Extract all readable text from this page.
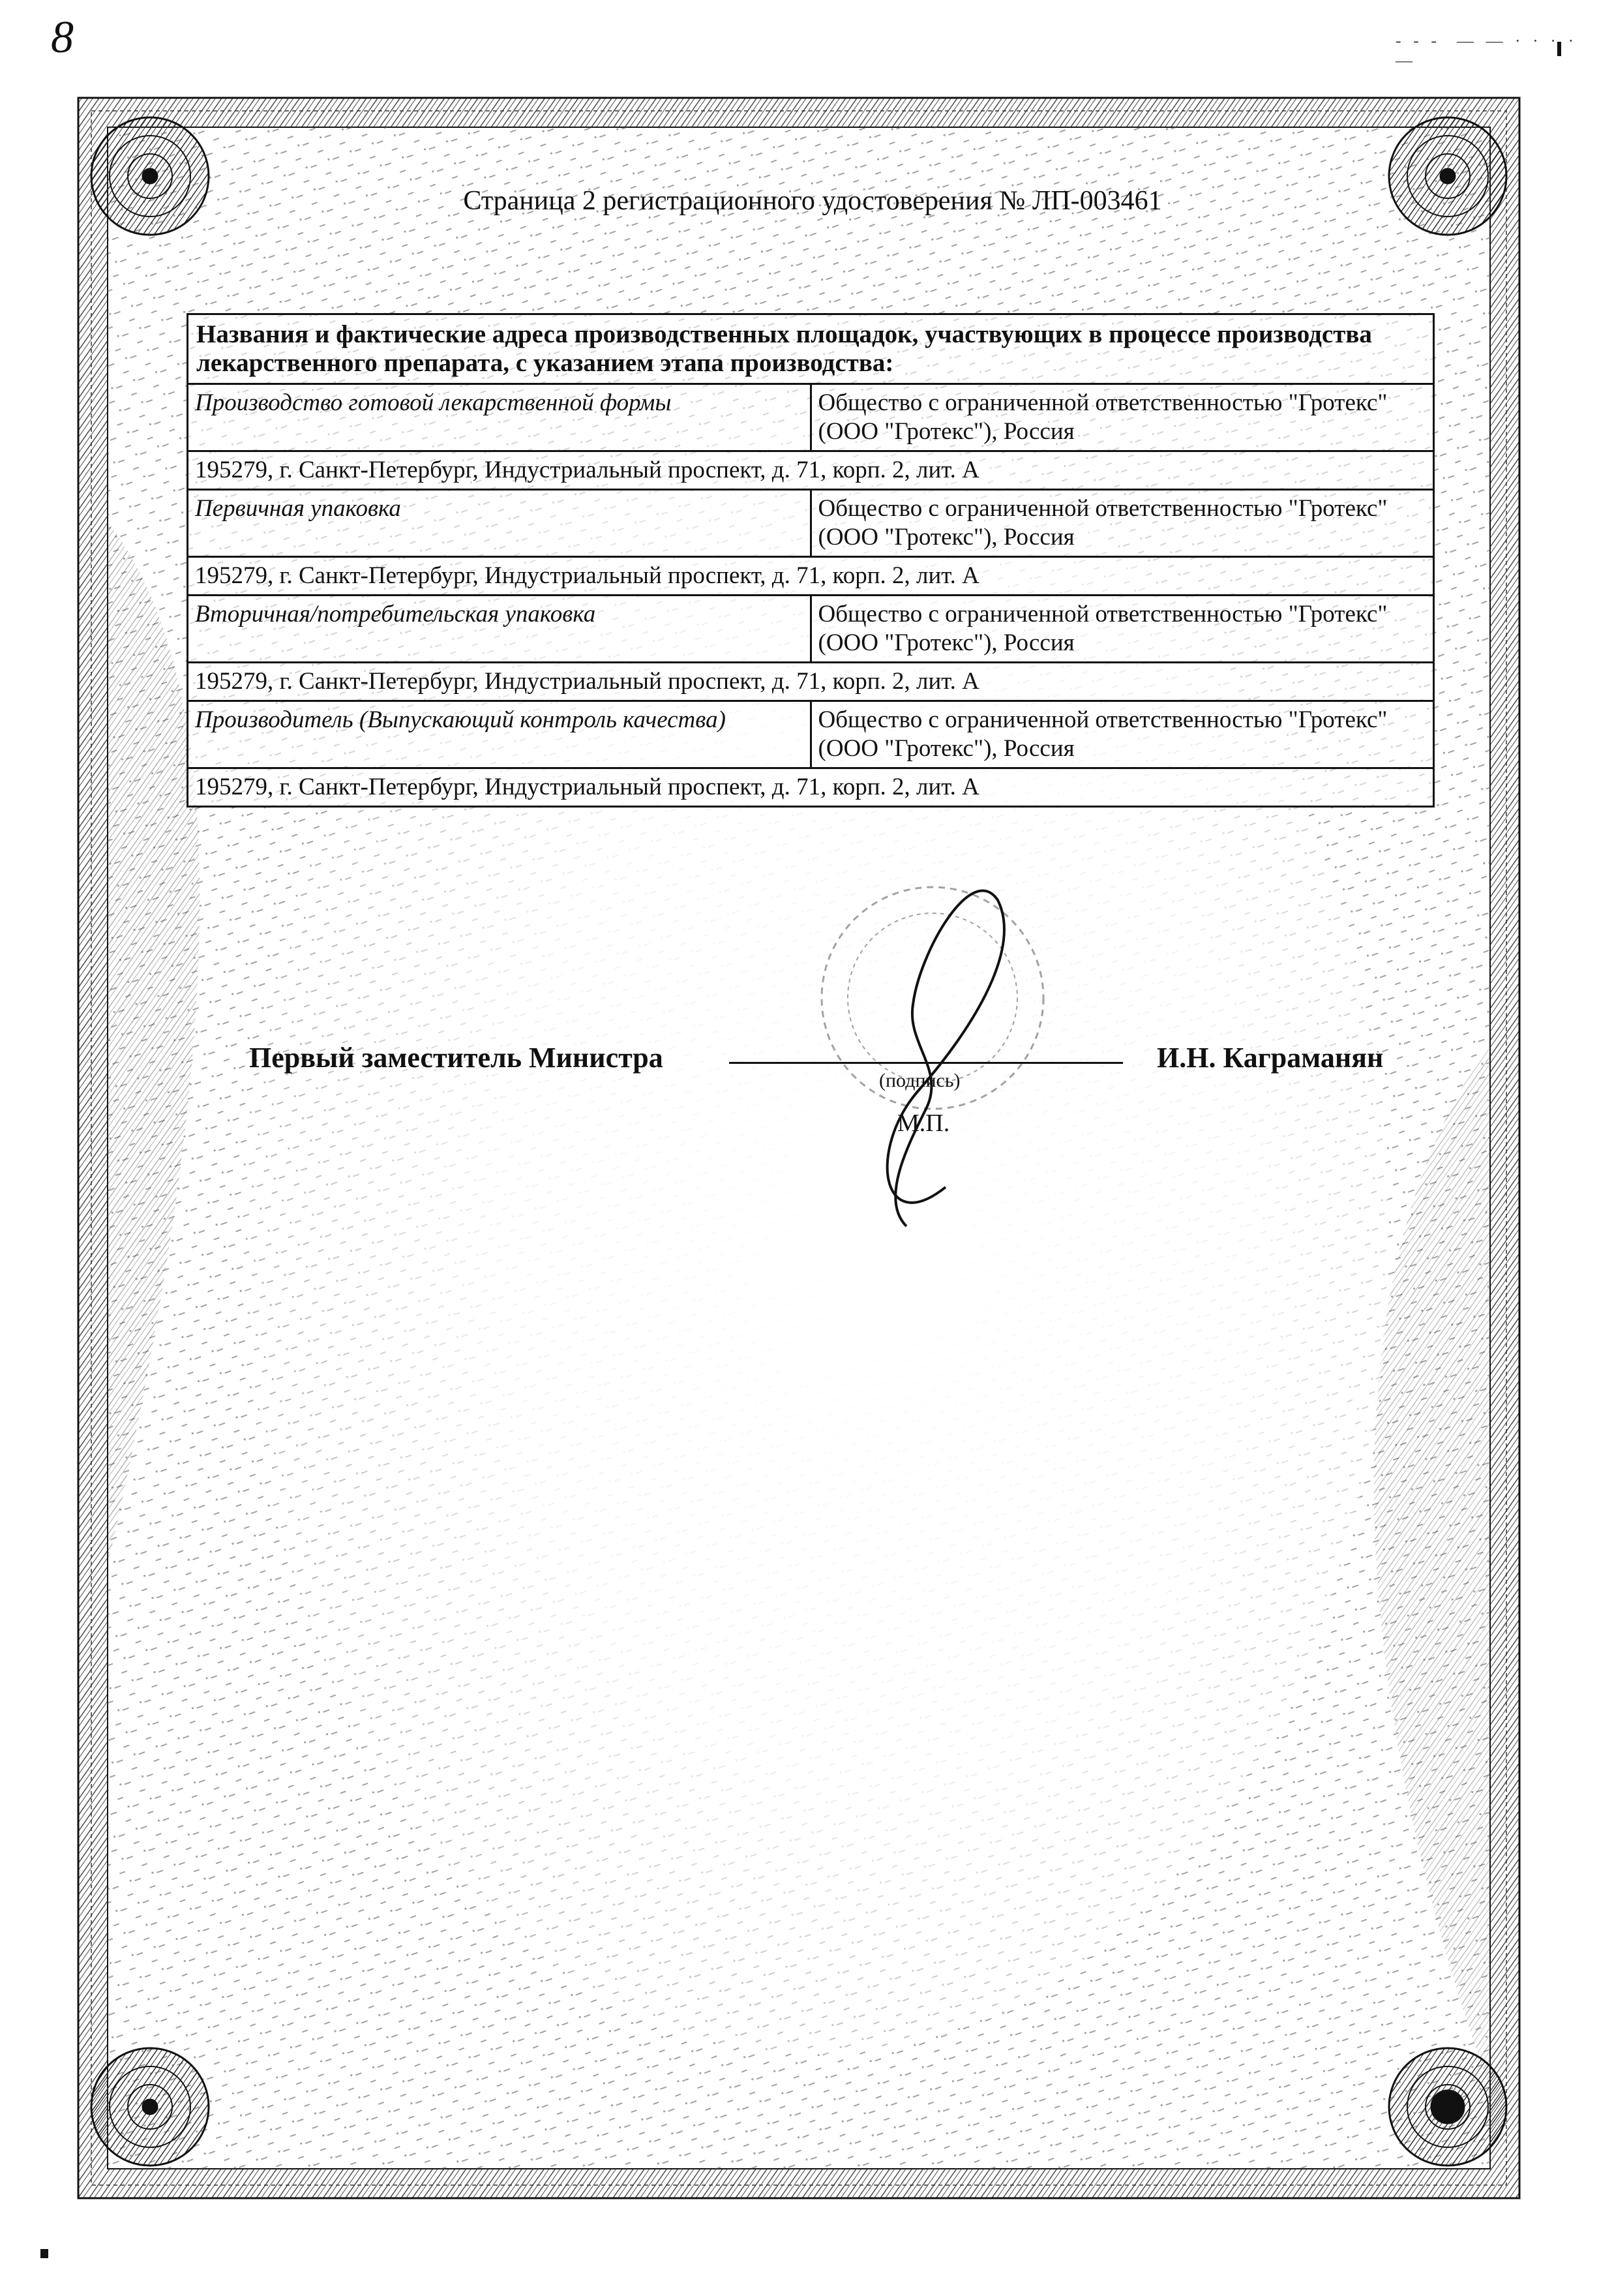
8	- - -  — — · · · · —
Страница 2 регистрационного удостоверения № ЛП-003461
Названия и фактические адреса производственных площадок, участвующих в процессе производства лекарственного препарата, с указанием этапа производства:	
Производство готовой лекарственной формы	Общество с ограниченной ответственностью "Гротекс" (ООО "Гротекс"), Россия
195279, г. Санкт-Петербург, Индустриальный проспект, д. 71, корп. 2, лит. А	
Первичная упаковка	Общество с ограниченной ответственностью "Гротекс" (ООО "Гротекс"), Россия
195279, г. Санкт-Петербург, Индустриальный проспект, д. 71, корп. 2, лит. А	
Вторичная/потребительская упаковка	Общество с ограниченной ответственностью "Гротекс" (ООО "Гротекс"), Россия
195279, г. Санкт-Петербург, Индустриальный проспект, д. 71, корп. 2, лит. А	
Производитель (Выпускающий контроль качества)	Общество с ограниченной ответственностью "Гротекс" (ООО "Гротекс"), Россия
195279, г. Санкт-Петербург, Индустриальный проспект, д. 71, корп. 2, лит. А	
Первый заместитель Министра
(подпись)
М.П.
И.Н. Каграманян
